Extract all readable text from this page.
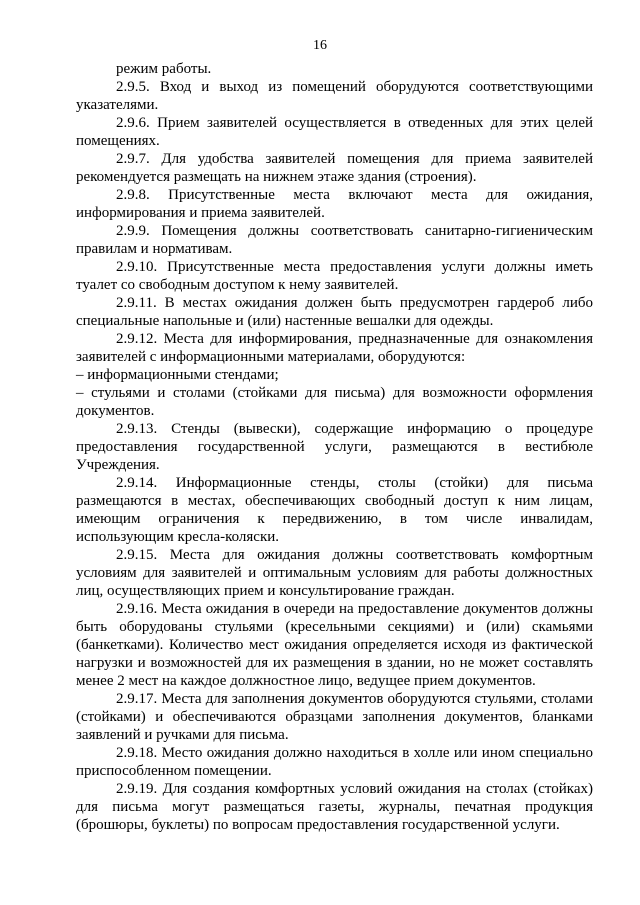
16

режим работы.

2.9.5. Вход и выход из помещений оборудуются соответствующими указателями.

2.9.6. Прием заявителей осуществляется в отведенных для этих целей помещениях.

2.9.7. Для удобства заявителей помещения для приема заявителей рекомендуется размещать на нижнем этаже здания (строения).

2.9.8. Присутственные места включают места для ожидания, информирования и приема заявителей.

2.9.9. Помещения должны соответствовать санитарно-гигиеническим правилам и нормативам.

2.9.10. Присутственные места предоставления услуги должны иметь туалет со свободным доступом к нему заявителей.

2.9.11. В местах ожидания должен быть предусмотрен гардероб либо специальные напольные и (или) настенные вешалки для одежды.

2.9.12. Места для информирования, предназначенные для ознакомления заявителей с информационными материалами, оборудуются:

– информационными стендами;

– стульями и столами (стойками для письма) для возможности оформления документов.

2.9.13. Стенды (вывески), содержащие информацию о процедуре предоставления государственной услуги, размещаются в вестибюле Учреждения.

2.9.14. Информационные стенды, столы (стойки) для письма размещаются в местах, обеспечивающих свободный доступ к ним лицам, имеющим ограничения к передвижению, в том числе инвалидам, использующим кресла-коляски.

2.9.15. Места для ожидания должны соответствовать комфортным условиям для заявителей и оптимальным условиям для работы должностных лиц, осуществляющих прием и консультирование граждан.

2.9.16. Места ожидания в очереди на предоставление документов должны быть оборудованы стульями (кресельными секциями) и (или) скамьями (банкетками). Количество мест ожидания определяется исходя из фактической нагрузки и возможностей для их размещения в здании, но не может составлять менее 2 мест на каждое должностное лицо, ведущее прием документов.

2.9.17. Места для заполнения документов оборудуются стульями, столами (стойками) и обеспечиваются образцами заполнения документов, бланками заявлений и ручками для письма.

2.9.18. Место ожидания должно находиться в холле или ином специально приспособленном помещении.

2.9.19. Для создания комфортных условий ожидания на столах (стойках) для письма могут размещаться газеты, журналы, печатная продукция (брошюры, буклеты) по вопросам предоставления государственной услуги.
